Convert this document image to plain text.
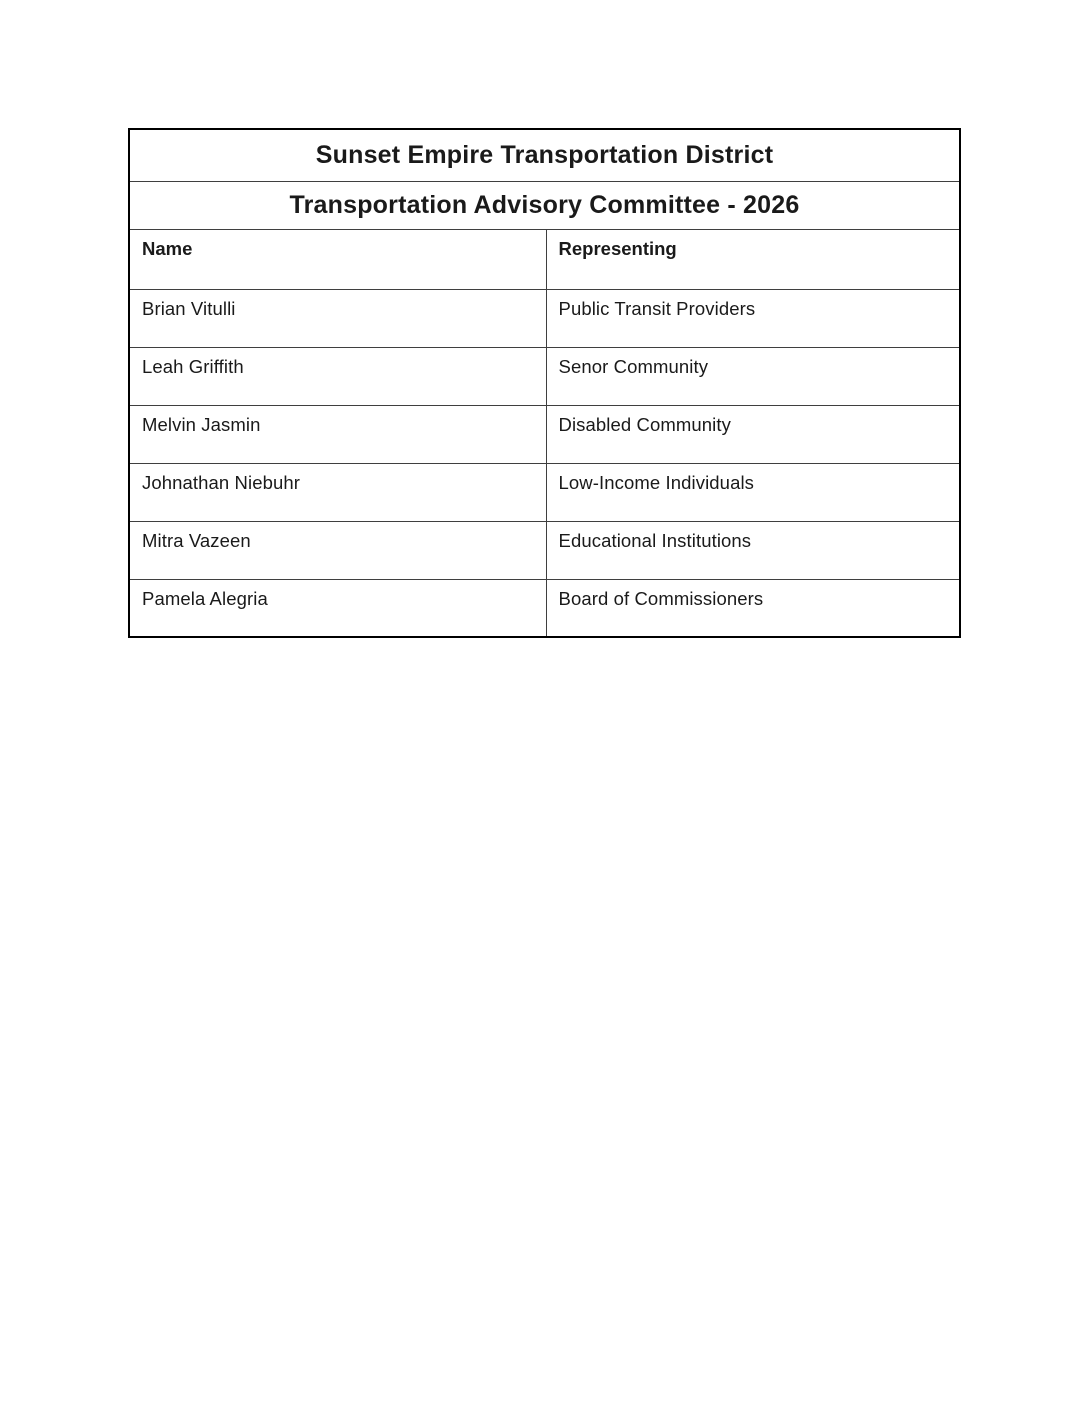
Sunset Empire Transportation District	
Transportation Advisory Committee - 2026	
Name	Representing
Brian Vitulli	Public Transit Providers
Leah Griffith	Senor Community
Melvin Jasmin	Disabled Community
Johnathan Niebuhr	Low-Income Individuals
Mitra Vazeen	Educational Institutions
Pamela Alegria	Board of Commissioners
